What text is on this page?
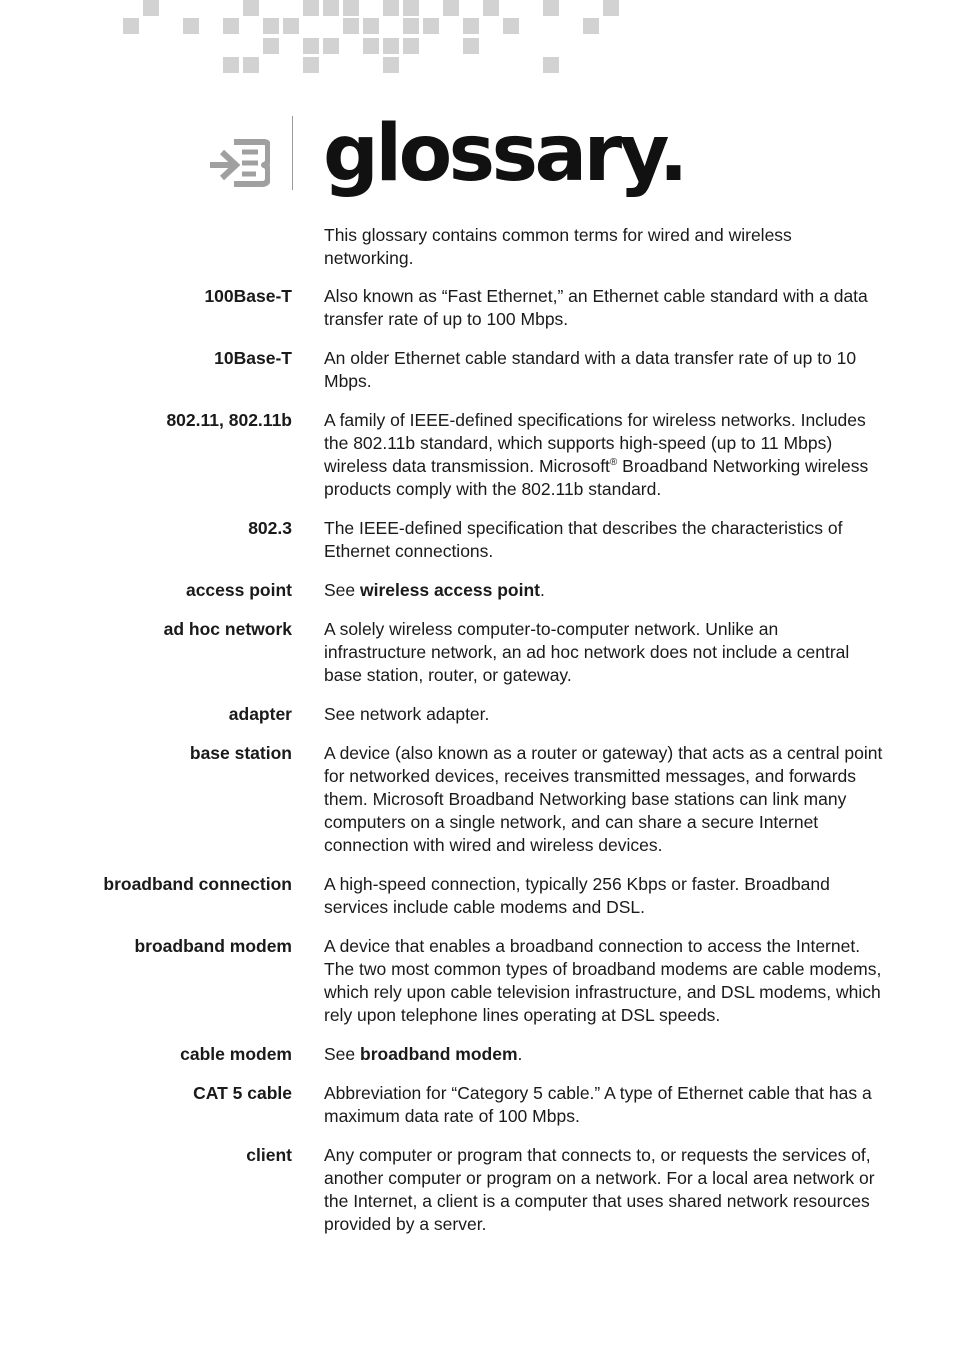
glossary.

This glossary contains common terms for wired and wireless networking.

100Base-T Also known as “Fast Ethernet,” an Ethernet cable standard with a data transfer rate of up to 100 Mbps.
10Base-T An older Ethernet cable standard with a data transfer rate of up to 10 Mbps.
802.11, 802.11b A family of IEEE-defined specifications for wireless networks. Includes the 802.11b standard, which supports high-speed (up to 11 Mbps) wireless data transmission. Microsoft® Broadband Networking wireless products comply with the 802.11b standard.
802.3 The IEEE-defined specification that describes the characteristics of Ethernet connections.
access point See wireless access point.
ad hoc network A solely wireless computer-to-computer network. Unlike an infrastructure network, an ad hoc network does not include a central base station, router, or gateway.
adapter See network adapter.
base station A device (also known as a router or gateway) that acts as a central point for networked devices, receives transmitted messages, and forwards them. Microsoft Broadband Networking base stations can link many computers on a single network, and can share a secure Internet connection with wired and wireless devices.
broadband connection A high-speed connection, typically 256 Kbps or faster. Broadband services include cable modems and DSL.
broadband modem A device that enables a broadband connection to access the Internet. The two most common types of broadband modems are cable modems, which rely upon cable television infrastructure, and DSL modems, which rely upon telephone lines operating at DSL speeds.
cable modem See broadband modem.
CAT 5 cable Abbreviation for “Category 5 cable.” A type of Ethernet cable that has a maximum data rate of 100 Mbps.
client Any computer or program that connects to, or requests the services of, another computer or program on a network. For a local area network or the Internet, a client is a computer that uses shared network resources provided by a server.
